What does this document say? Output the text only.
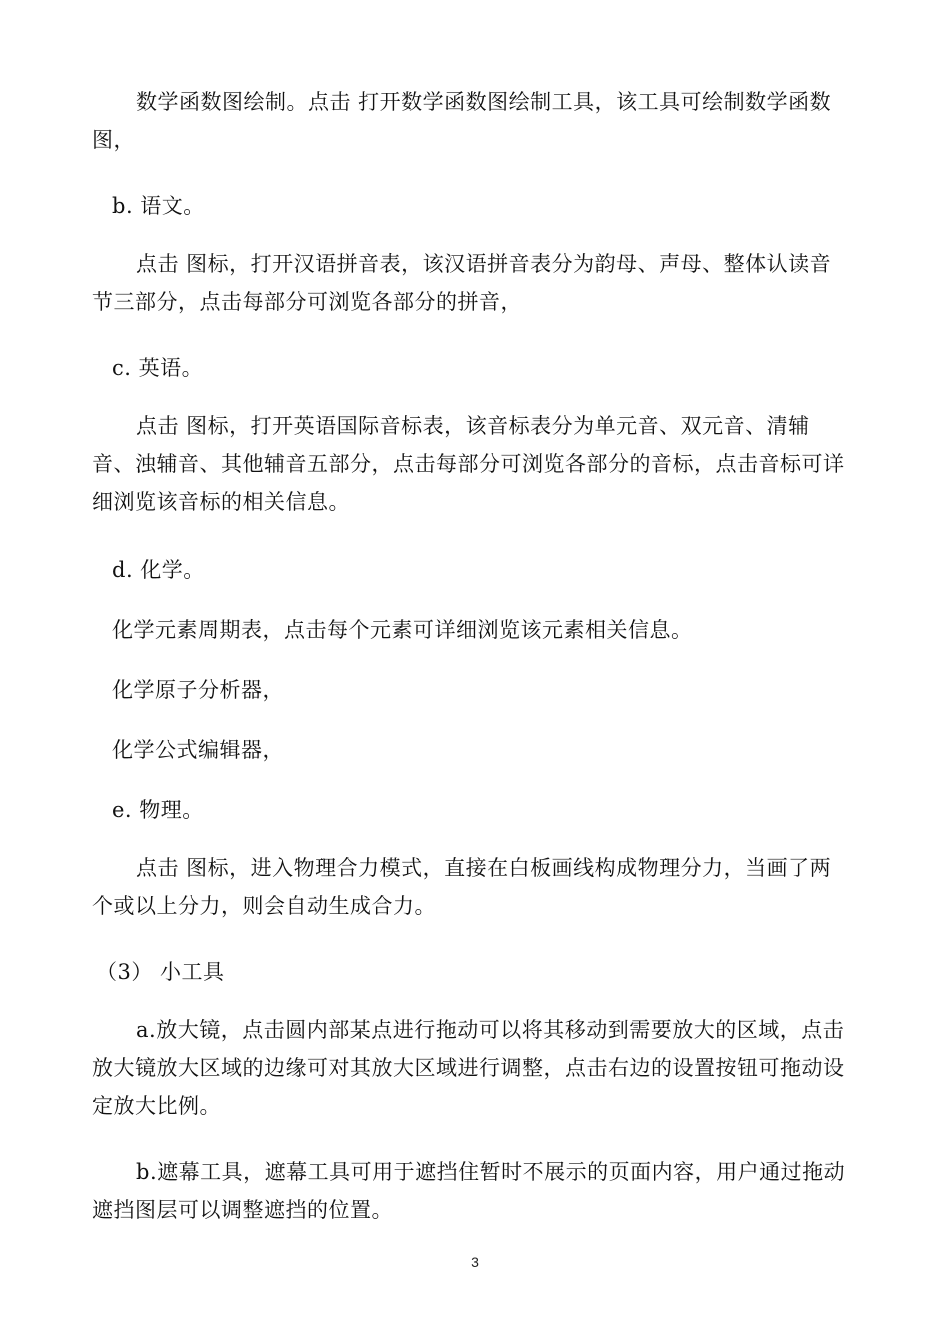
数学函数图绘制。点击 打开数学函数图绘制工具，该工具可绘制数学函数图，

b. 语文。

点击 图标，打开汉语拼音表，该汉语拼音表分为韵母、声母、整体认读音节三部分，点击每部分可浏览各部分的拼音，

c. 英语。

点击 图标，打开英语国际音标表，该音标表分为单元音、双元音、清辅音、浊辅音、其他辅音五部分，点击每部分可浏览各部分的音标，点击音标可详细浏览该音标的相关信息。

d. 化学。

化学元素周期表，点击每个元素可详细浏览该元素相关信息。

化学原子分析器，

化学公式编辑器，

e. 物理。

点击 图标，进入物理合力模式，直接在白板画线构成物理分力，当画了两个或以上分力，则会自动生成合力。

（3） 小工具

a.放大镜，点击圆内部某点进行拖动可以将其移动到需要放大的区域，点击放大镜放大区域的边缘可对其放大区域进行调整，点击右边的设置按钮可拖动设定放大比例。

b.遮幕工具，遮幕工具可用于遮挡住暂时不展示的页面内容，用户通过拖动遮挡图层可以调整遮挡的位置。

3
